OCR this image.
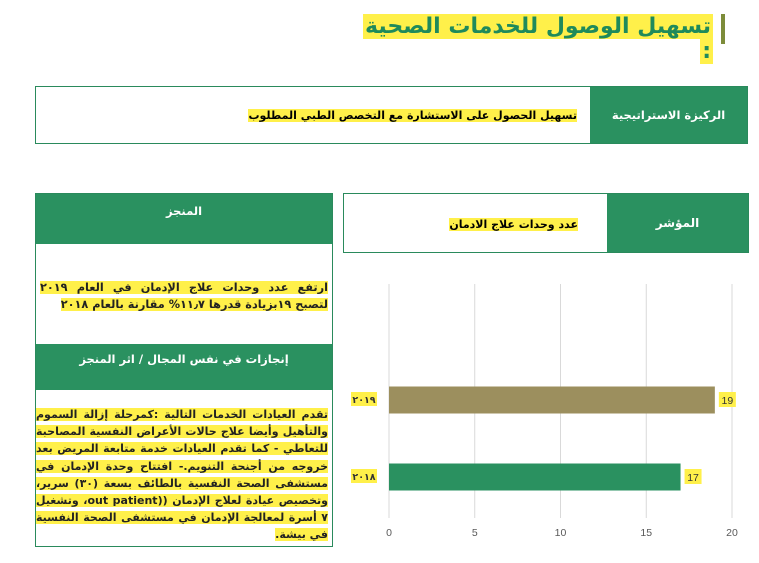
تسهيل الوصول للخدمات الصحية
:
الركيزة الاستراتيجية
تسهيل الحصول على الاستشارة مع التخصص الطبي المطلوب
المنجز
ارتفع عدد وحدات علاج الإدمان في العام ٢٠١٩ لتصبح ١٩بزيادة قدرها ١١٫٧% مقارنة بالعام ٢٠١٨
إنجازات في نفس المجال / اثر المنجز
تقدم العيادات الخدمات التالية :كمرحلة إزالة السموم والتأهيل وأيضا علاج حالات الأعراض النفسية المصاحبة للتعاطي - كما تقدم العيادات خدمة متابعة المريض بعد خروجه من أجنحة التنويم.- افتتاح وحدة الإدمان في مستشفى الصحة النفسية بالطائف بسعة (٣٠) سرير، وتخصيص عيادة لعلاج الإدمان ((out patient، وتشغيل ٧ أسرة لمعالجة الإدمان في مستشفى الصحة النفسية في بيشة.
المؤشر
عدد وحدات علاج الادمان
0	5	10	15	20
٢٠١٩	19
٢٠١٨	17
